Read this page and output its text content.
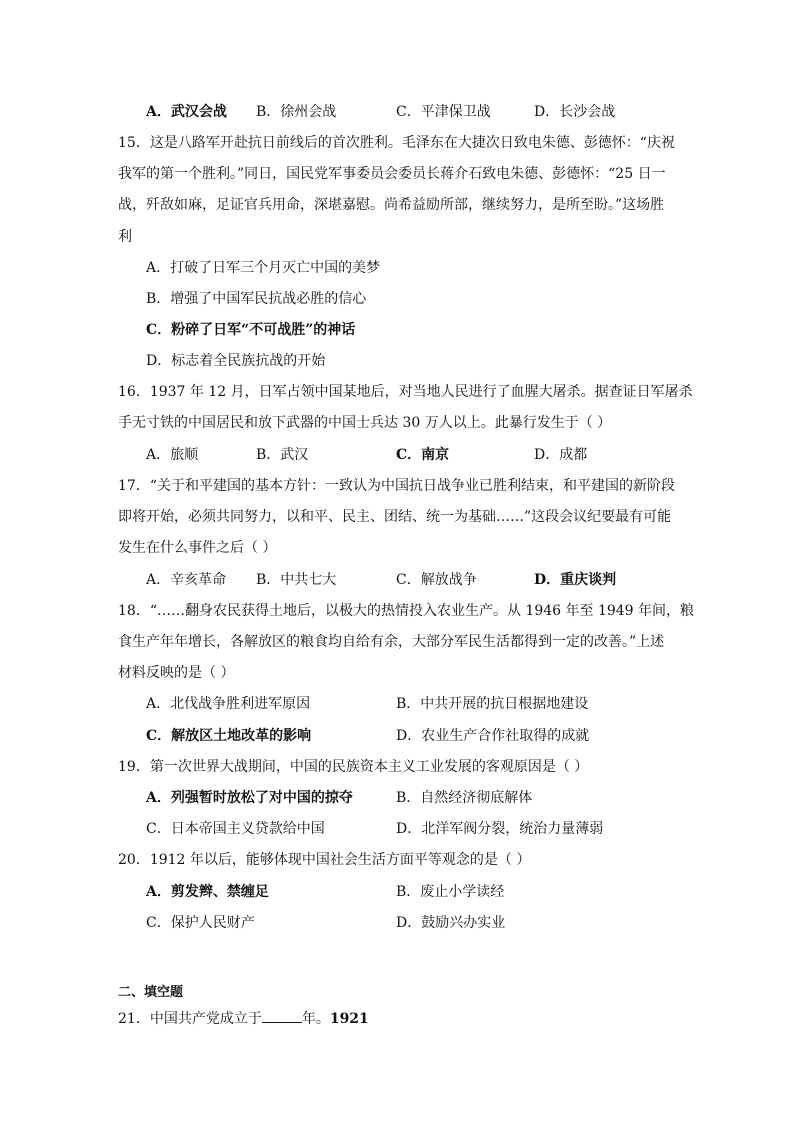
A．武汉会战 B．徐州会战	C．平津保卫战	D．长沙会战
15．这是八路军开赴抗日前线后的首次胜利。毛泽东在大捷次日致电朱德、彭德怀：“庆祝
我军的第一个胜利。”同日，国民党军事委员会委员长蒋介石致电朱德、彭德怀：“25 日一
战，歼敌如麻，足证官兵用命，深堪嘉慰。尚希益励所部，继续努力，是所至盼。”这场胜
利
A．打破了日军三个月灭亡中国的美梦
B．增强了中国军民抗战必胜的信心
C．粉碎了日军“不可战胜”的神话
D．标志着全民族抗战的开始
16．1937 年 12 月，日军占领中国某地后，对当地人民进行了血腥大屠杀。据查证日军屠杀
手无寸铁的中国居民和放下武器的中国士兵达 30 万人以上。此暴行发生于（ ）
A．旅顺	B．武汉	C．南京	D．成都
17．“关于和平建国的基本方针：一致认为中国抗日战争业已胜利结束，和平建国的新阶段
即将开始，必须共同努力，以和平、民主、团结、统一为基础……”这段会议纪要最有可能
发生在什么事件之后（ ）
A．辛亥革命 B．中共七大	C．解放战争	D．重庆谈判
18．“……翻身农民获得土地后，以极大的热情投入农业生产。从 1946 年至 1949 年间，粮
食生产年年增长，各解放区的粮食均自给有余，大部分军民生活都得到一定的改善。”上述
材料反映的是（ ）
A．北伐战争胜利进军原因	B．中共开展的抗日根据地建设
C．解放区土地改革的影响	D．农业生产合作社取得的成就
19．第一次世界大战期间，中国的民族资本主义工业发展的客观原因是（ ）
A．列强暂时放松了对中国的掠夺	B．自然经济彻底解体
C．日本帝国主义贷款给中国	D．北洋军阀分裂，统治力量薄弱
20．1912 年以后，能够体现中国社会生活方面平等观念的是（ ）
A．剪发辫、禁缠足	B．废止小学读经
C．保护人民财产	D．鼓励兴办实业
二、填空题
21．中国共产党成立于	年。1921
